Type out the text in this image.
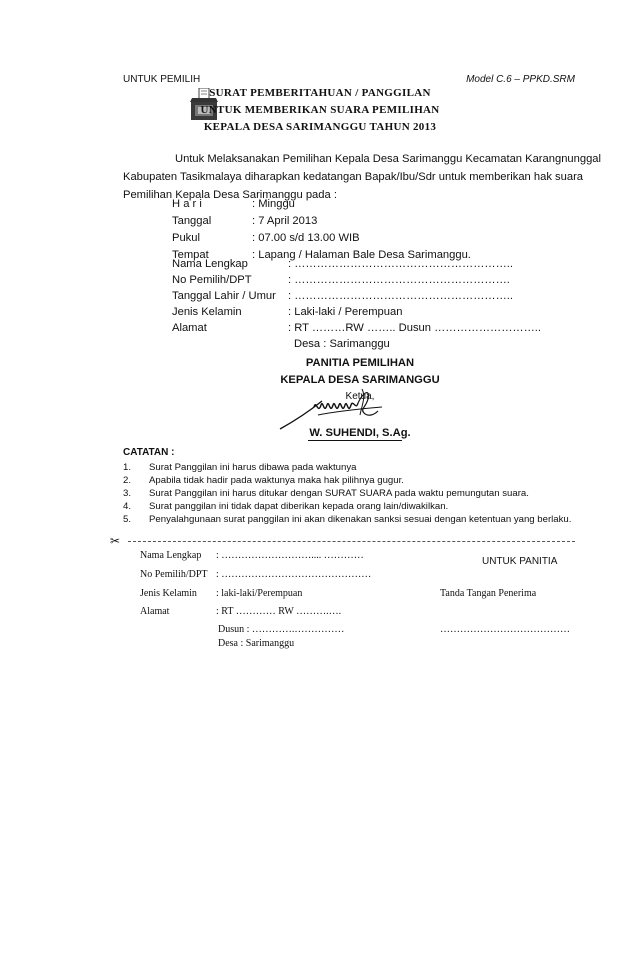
UNTUK PEMILIH	Model C.6 – PPKD.SRM
SURAT PEMBERITAHUAN / PANGGILAN
UNTUK MEMBERIKAN SUARA PEMILIHAN
KEPALA DESA SARIMANGGU TAHUN 2013
Untuk Melaksanakan Pemilihan Kepala Desa Sarimanggu Kecamatan Karangnunggal
Kabupaten Tasikmalaya diharapkan kedatangan Bapak/Ibu/Sdr untuk memberikan hak suara
Pemilihan Kepala Desa Sarimanggu pada :
H a r i	: Minggu
Tanggal	: 7 April 2013
Pukul	: 07.00 s/d 13.00 WIB
Tempat	: Lapang / Halaman Bale Desa Sarimanggu.
Nama Lengkap	: …………………………………………………..
No Pemilih/DPT	: ………………………………………………….
Tanggal Lahir / Umur : …………………………………………………..
Jenis Kelamin	: Laki-laki / Perempuan
Alamat	: RT ………RW …….. Dusun ………………………..
Desa : Sarimanggu
PANITIA PEMILIHAN
KEPALA DESA SARIMANGGU
Ketua,
W. SUHENDI, S.Ag.
CATATAN :
1. Surat Panggilan ini harus dibawa pada waktunya
2. Apabila tidak hadir pada waktunya maka hak pilihnya gugur.
3. Surat Panggilan ini harus ditukar dengan SURAT SUARA pada waktu pemungutan suara.
4. Surat panggilan ini tidak dapat diberikan kepada orang lain/diwakilkan.
5. Penyalahgunaan surat panggilan ini akan dikenakan sanksi sesuai dengan ketentuan yang berlaku.
✂
UNTUK PANITIA
Nama Lengkap : ……………………….... …………
No Pemilih/DPT : ………………………………………
Jenis Kelamin : laki-laki/Perempuan	Tanda Tangan Penerima
Alamat	: RT ………… RW ……….….
Dusun : ………….……………	…………………………………
Desa : Sarimanggu
